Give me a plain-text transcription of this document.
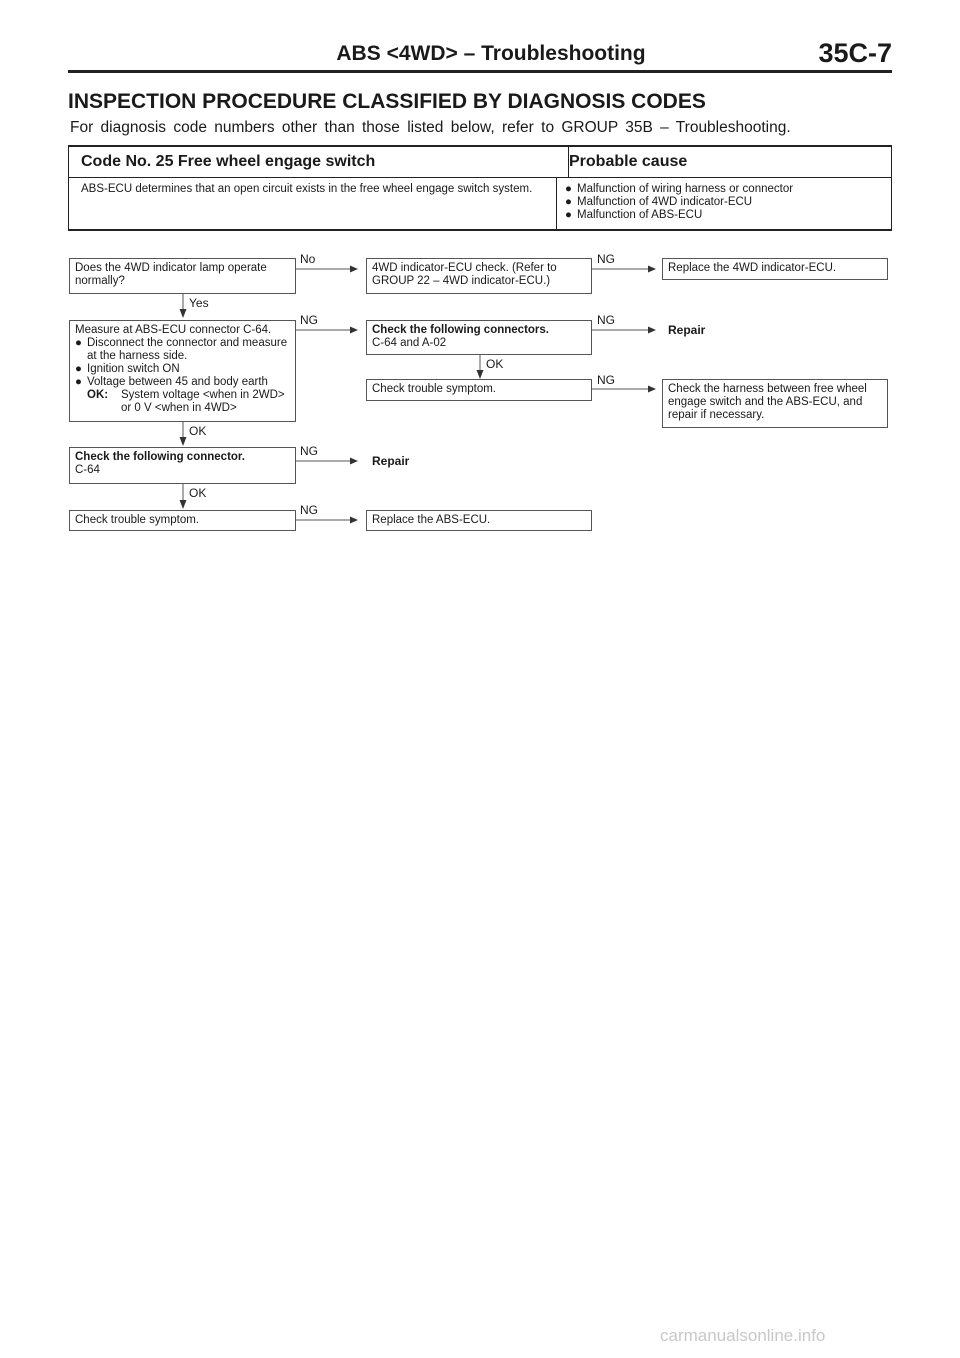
ABS <4WD> – Troubleshooting	35C-7
INSPECTION PROCEDURE CLASSIFIED BY DIAGNOSIS CODES
For diagnosis code numbers other than those listed below, refer to GROUP 35B – Troubleshooting.
Code No. 25 Free wheel engage switch	Probable cause
ABS-ECU determines that an open circuit exists in the free wheel engage switch system.	● Malfunction of wiring harness or connector
● Malfunction of 4WD indicator-ECU
● Malfunction of ABS-ECU
Does the 4WD indicator lamp operate normally?
No
4WD indicator-ECU check. (Refer to GROUP 22 – 4WD indicator-ECU.)
NG
Replace the 4WD indicator-ECU.
Yes
Measure at ABS-ECU connector C-64.
● Disconnect the connector and measure at the harness side.
● Ignition switch ON
● Voltage between 45 and body earth
OK:	System voltage <when in 2WD> or 0 V <when in 4WD>
NG
Check the following connectors.
C-64 and A-02
NG
Repair
OK
Check trouble symptom.
NG
Check the harness between free wheel engage switch and the ABS-ECU, and repair if necessary.
OK
Check the following connector.
C-64
NG
Repair
OK
Check trouble symptom.
NG
Replace the ABS-ECU.
carmanualsonline.info
